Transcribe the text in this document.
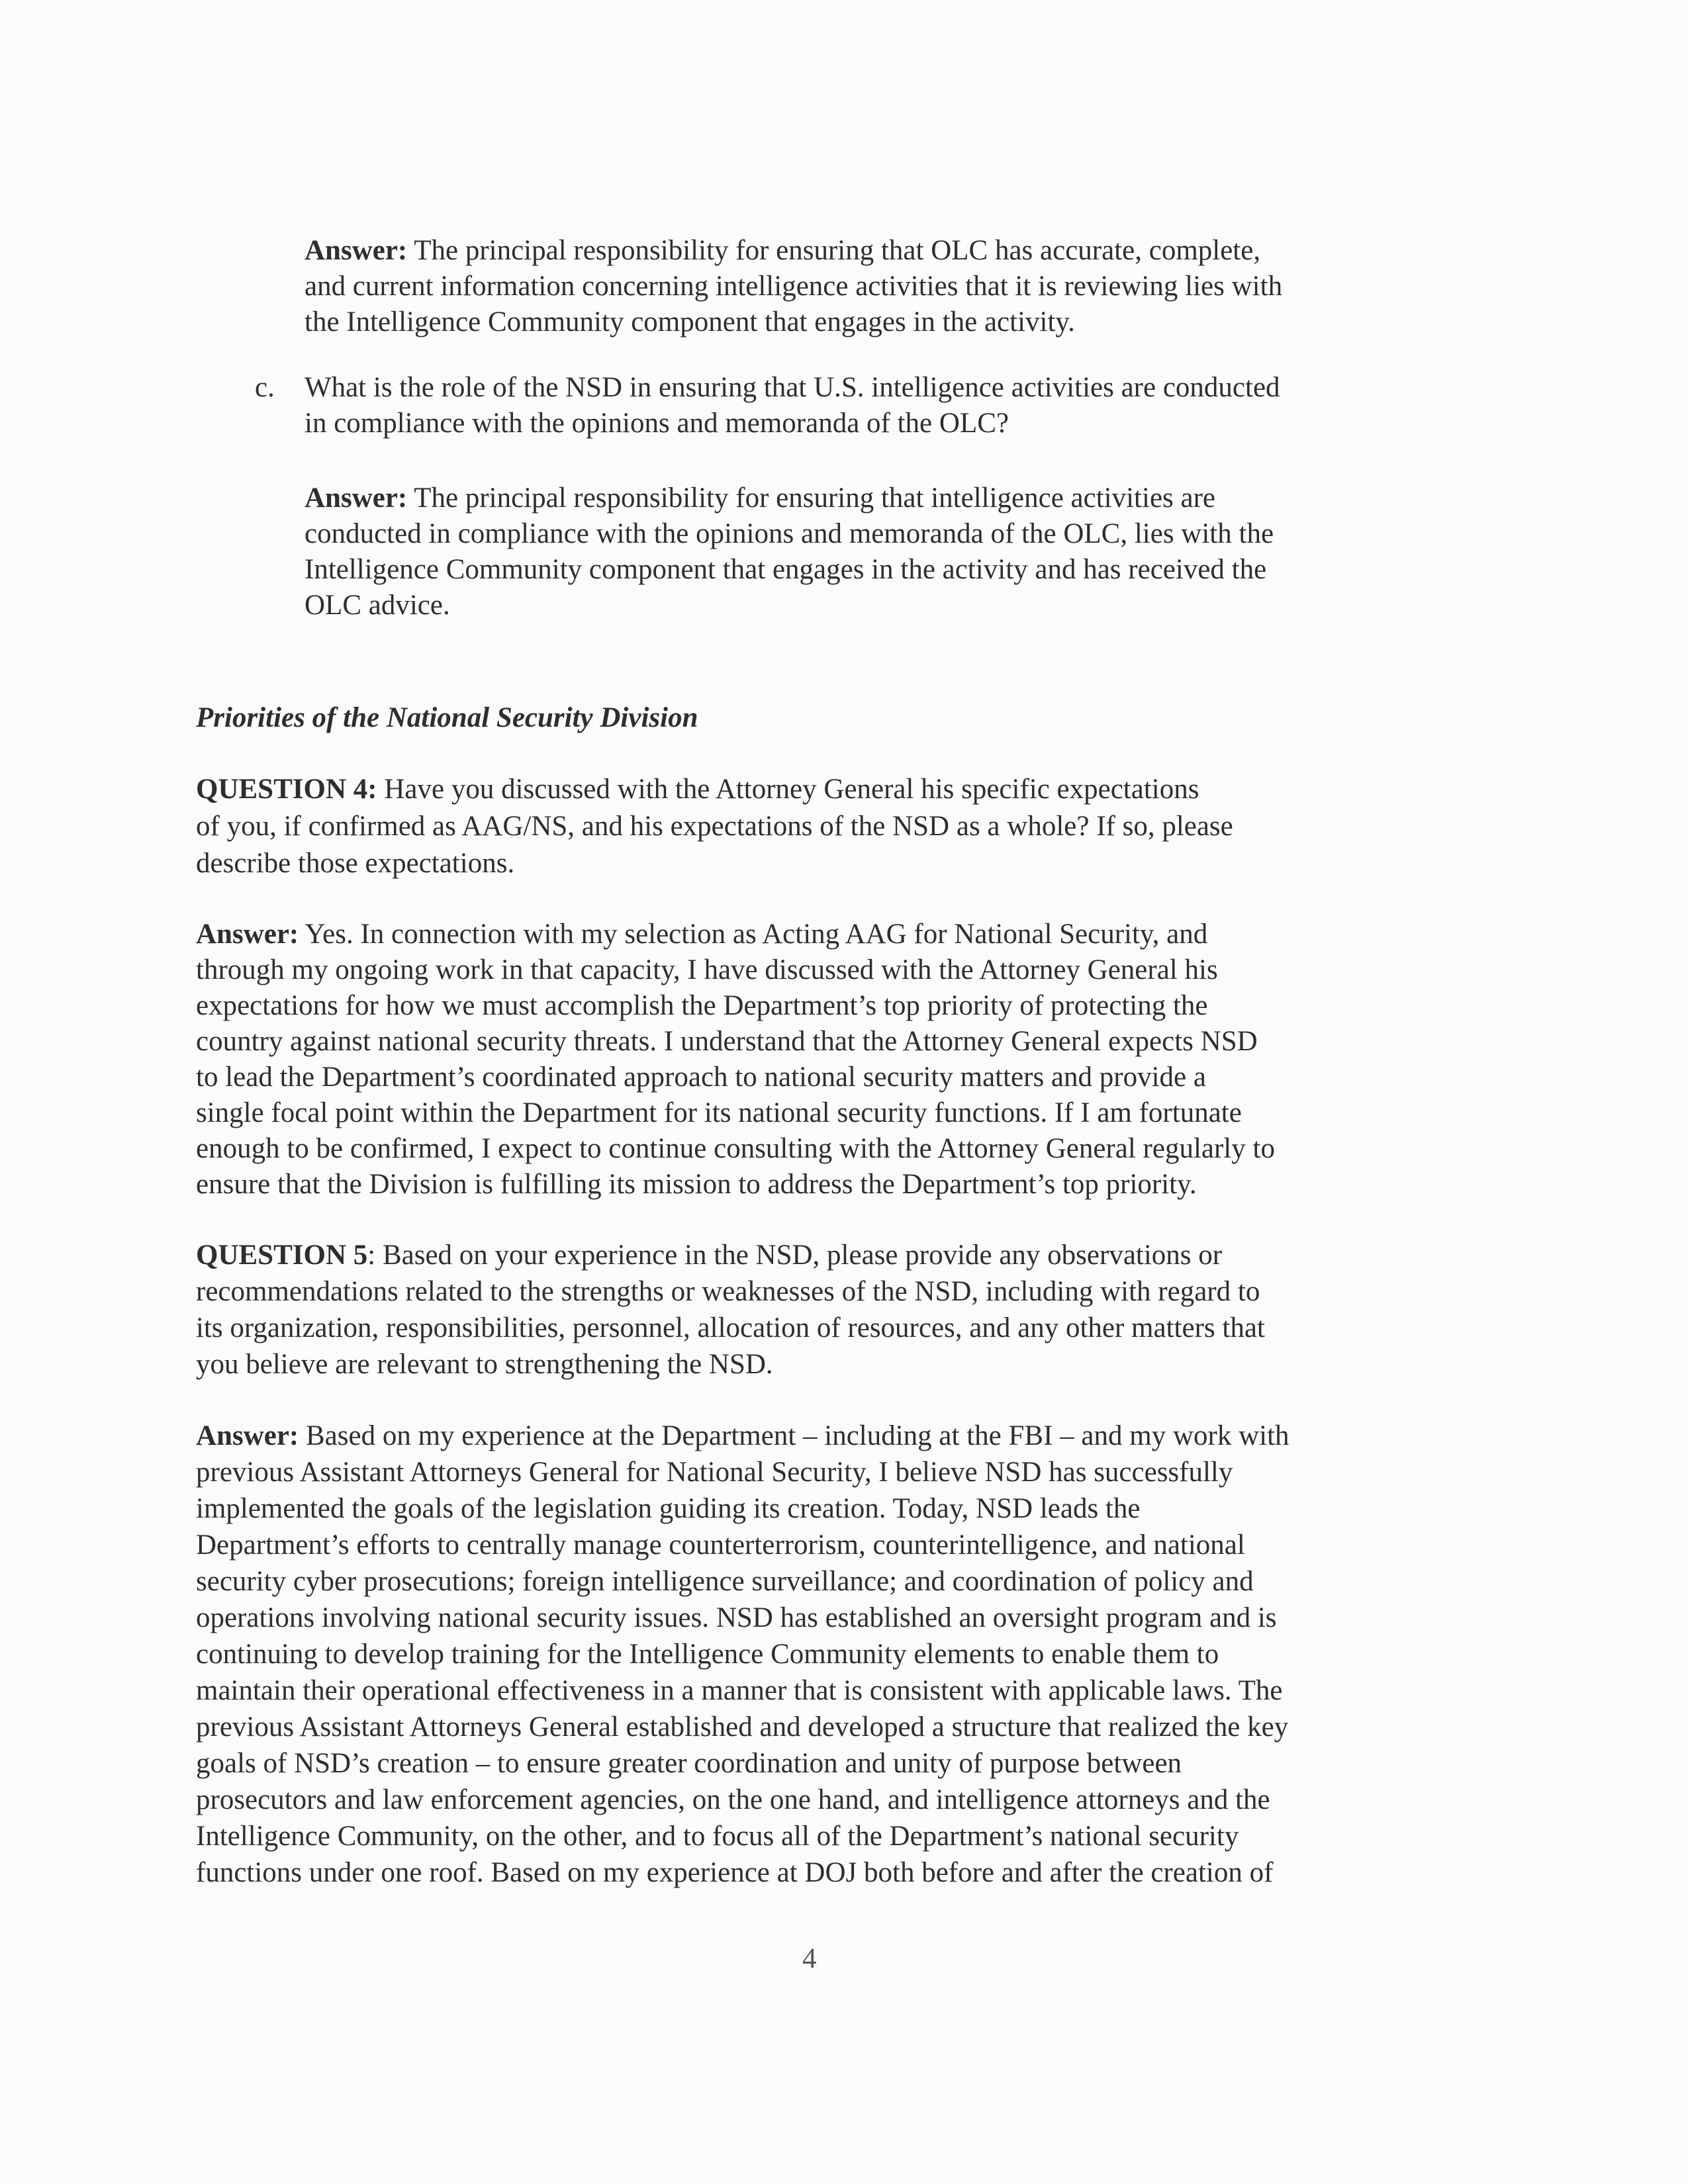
Answer: The principal responsibility for ensuring that OLC has accurate, complete,
and current information concerning intelligence activities that it is reviewing lies with
the Intelligence Community component that engages in the activity.
c. What is the role of the NSD in ensuring that U.S. intelligence activities are conducted
in compliance with the opinions and memoranda of the OLC?
Answer: The principal responsibility for ensuring that intelligence activities are
conducted in compliance with the opinions and memoranda of the OLC, lies with the
Intelligence Community component that engages in the activity and has received the
OLC advice.
Priorities of the National Security Division
QUESTION 4: Have you discussed with the Attorney General his specific expectations
of you, if confirmed as AAG/NS, and his expectations of the NSD as a whole? If so, please
describe those expectations.
Answer: Yes. In connection with my selection as Acting AAG for National Security, and
through my ongoing work in that capacity, I have discussed with the Attorney General his
expectations for how we must accomplish the Department’s top priority of protecting the
country against national security threats. I understand that the Attorney General expects NSD
to lead the Department’s coordinated approach to national security matters and provide a
single focal point within the Department for its national security functions. If I am fortunate
enough to be confirmed, I expect to continue consulting with the Attorney General regularly to
ensure that the Division is fulfilling its mission to address the Department’s top priority.
QUESTION 5: Based on your experience in the NSD, please provide any observations or
recommendations related to the strengths or weaknesses of the NSD, including with regard to
its organization, responsibilities, personnel, allocation of resources, and any other matters that
you believe are relevant to strengthening the NSD.
Answer: Based on my experience at the Department – including at the FBI – and my work with
previous Assistant Attorneys General for National Security, I believe NSD has successfully
implemented the goals of the legislation guiding its creation. Today, NSD leads the
Department’s efforts to centrally manage counterterrorism, counterintelligence, and national
security cyber prosecutions; foreign intelligence surveillance; and coordination of policy and
operations involving national security issues. NSD has established an oversight program and is
continuing to develop training for the Intelligence Community elements to enable them to
maintain their operational effectiveness in a manner that is consistent with applicable laws. The
previous Assistant Attorneys General established and developed a structure that realized the key
goals of NSD’s creation – to ensure greater coordination and unity of purpose between
prosecutors and law enforcement agencies, on the one hand, and intelligence attorneys and the
Intelligence Community, on the other, and to focus all of the Department’s national security
functions under one roof. Based on my experience at DOJ both before and after the creation of
4
